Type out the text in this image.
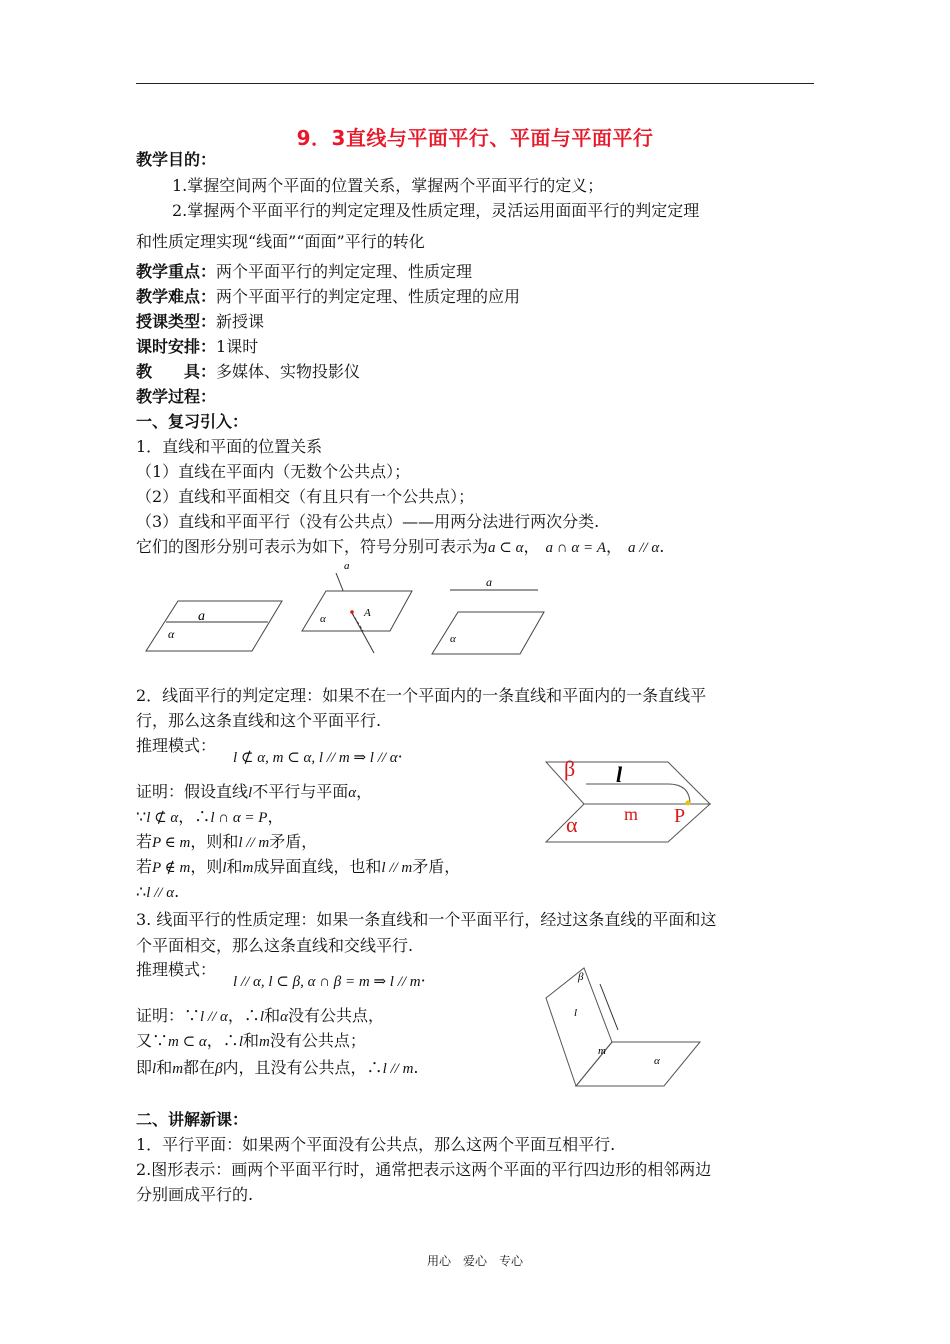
9．3直线与平面平行、平面与平面平行
教学目的：
1.掌握空间两个平面的位置关系，掌握两个平面平行的定义；
2.掌握两个平面平行的判定定理及性质定理，灵活运用面面平行的判定定理
和性质定理实现“线面”“面面”平行的转化
教学重点：两个平面平行的判定定理、性质定理
教学难点：两个平面平行的判定定理、性质定理的应用
授课类型：新授课
课时安排：1课时
教　　具：多媒体、实物投影仪
教学过程：
一、复习引入：
1．直线和平面的位置关系
（1）直线在平面内（无数个公共点）；
（2）直线和平面相交（有且只有一个公共点）；
（3）直线和平面平行（没有公共点）——用两分法进行两次分类.
它们的图形分别可表示为如下，符号分别可表示为a ⊂ α， a ∩ α = A， a // α.
a
α
a
A
α
a
α
2．线面平行的判定定理：如果不在一个平面内的一条直线和平面内的一条直线平
行，那么这条直线和这个平面平行.
推理模式：
l ⊄ α, m ⊂ α, l // m ⇒ l // α·
证明：假设直线l不平行与平面α，
∵l ⊄ α，∴l ∩ α = P，
若P ∈ m，则和l // m矛盾，
若P ∉ m，则l和m成异面直线，也和l // m矛盾，
∴l // α.
β l
m P
α
3. 线面平行的性质定理：如果一条直线和一个平面平行，经过这条直线的平面和这
个平面相交，那么这条直线和交线平行.
推理模式：
l // α, l ⊂ β, α ∩ β = m ⇒ l // m·
证明：∵l // α，∴l和α没有公共点，
又∵m ⊂ α，∴l和m没有公共点；
即l和m都在β内，且没有公共点，∴l // m.
β
l
m
α
二、讲解新课：
1．平行平面：如果两个平面没有公共点，那么这两个平面互相平行.
2.图形表示：画两个平面平行时，通常把表示这两个平面的平行四边形的相邻两边
分别画成平行的.
用心　爱心　专心
